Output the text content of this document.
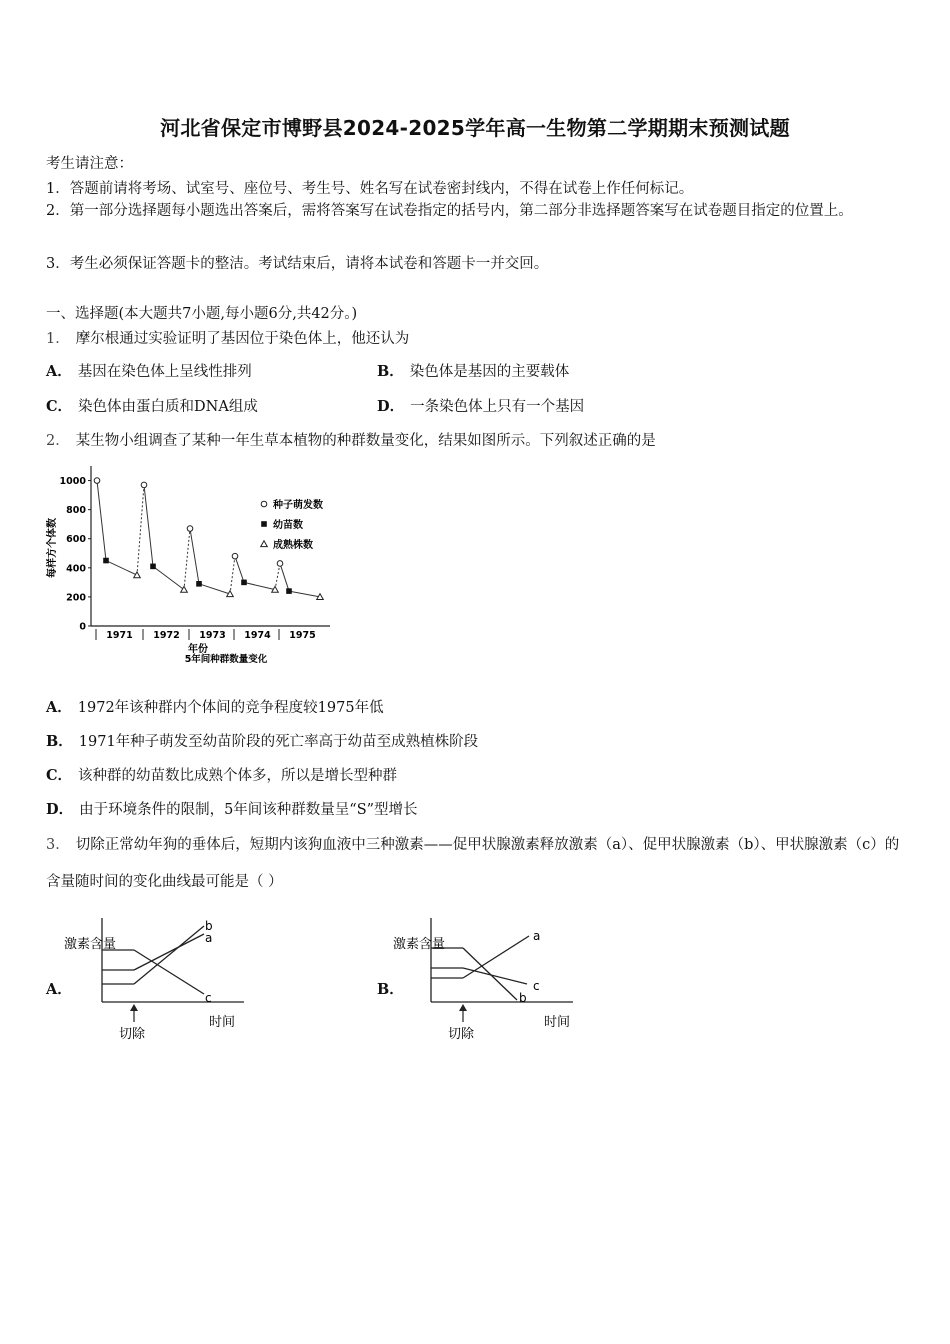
河北省保定市博野县2024-2025学年高一生物第二学期期末预测试题
考生请注意：
1．答题前请将考场、试室号、座位号、考生号、姓名写在试卷密封线内，不得在试卷上作任何标记。
2．第一部分选择题每小题选出答案后，需将答案写在试卷指定的括号内，第二部分非选择题答案写在试卷题目指定的位置上。
3．考生必须保证答题卡的整洁。考试结束后，请将本试卷和答题卡一并交回。
一、选择题(本大题共7小题,每小题6分,共42分。)
1． 摩尔根通过实验证明了基因位于染色体上，他还认为
A． 基因在染色体上呈线性排列	B． 染色体是基因的主要载体
C． 染色体由蛋白质和DNA组成	D． 一条染色体上只有一个基因
2． 某生物小组调查了某种一年生草本植物的种群数量变化，结果如图所示。下列叙述正确的是
每样方个体数
年份
5年间种群数量变化
0
200
400
600
800
1000
1971 1972 1973 1974 1975
种子萌发数
幼苗数
成熟株数
A． 1972年该种群内个体间的竞争程度较1975年低
B． 1971年种子萌发至幼苗阶段的死亡率高于幼苗至成熟植株阶段
C． 该种群的幼苗数比成熟个体多，所以是增长型种群
D． 由于环境条件的限制，5年间该种群数量呈“S”型增长
3． 切除正常幼年狗的垂体后，短期内该狗血液中三种激素——促甲状腺激素释放激素（a）、促甲状腺激素（b）、甲状腺激素（c）的含量随时间的变化曲线最可能是（ ）
A．
激素含量
b
a
c
切除
时间
B．
激素含量
a
c
b
切除
时间
